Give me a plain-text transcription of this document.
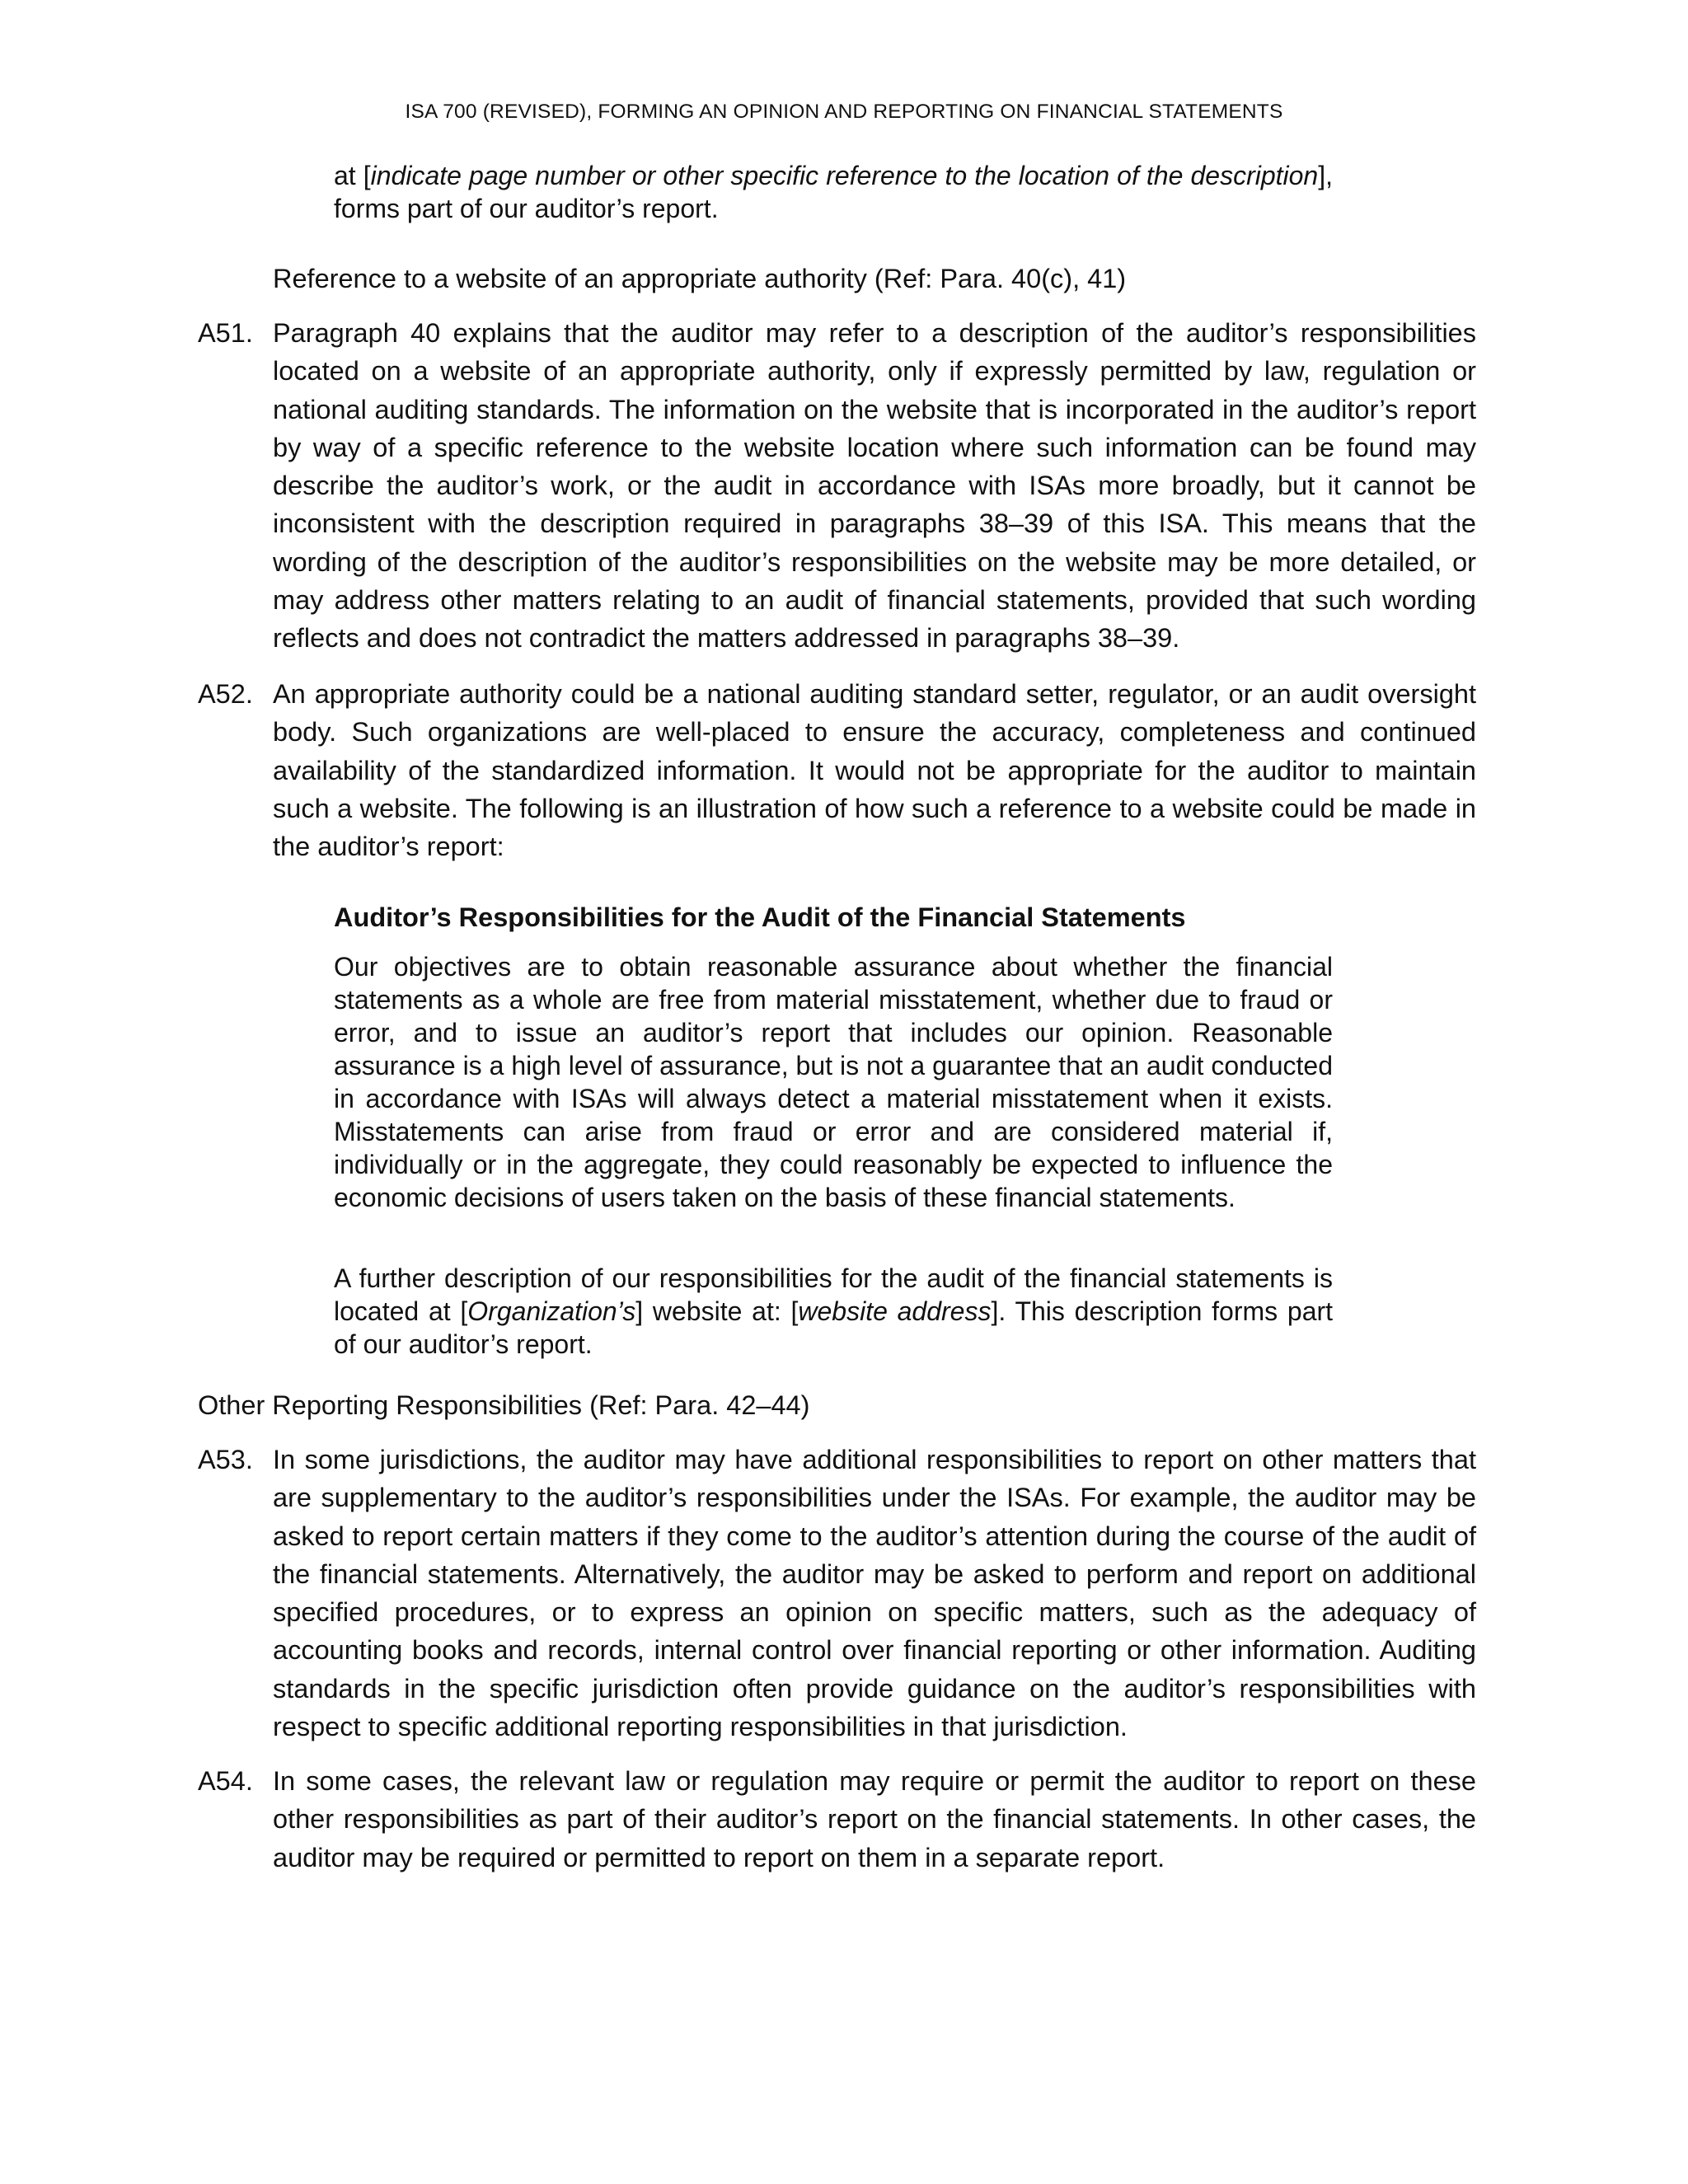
ISA 700 (REVISED), FORMING AN OPINION AND REPORTING ON FINANCIAL STATEMENTS
at [indicate page number or other specific reference to the location of the description], forms part of our auditor’s report.
Reference to a website of an appropriate authority (Ref: Para. 40(c), 41)
A51. Paragraph 40 explains that the auditor may refer to a description of the auditor’s responsibilities located on a website of an appropriate authority, only if expressly permitted by law, regulation or national auditing standards. The information on the website that is incorporated in the auditor’s report by way of a specific reference to the website location where such information can be found may describe the auditor’s work, or the audit in accordance with ISAs more broadly, but it cannot be inconsistent with the description required in paragraphs 38–39 of this ISA. This means that the wording of the description of the auditor’s responsibilities on the website may be more detailed, or may address other matters relating to an audit of financial statements, provided that such wording reflects and does not contradict the matters addressed in paragraphs 38–39.
A52. An appropriate authority could be a national auditing standard setter, regulator, or an audit oversight body. Such organizations are well-placed to ensure the accuracy, completeness and continued availability of the standardized information. It would not be appropriate for the auditor to maintain such a website. The following is an illustration of how such a reference to a website could be made in the auditor’s report:
Auditor’s Responsibilities for the Audit of the Financial Statements
Our objectives are to obtain reasonable assurance about whether the financial statements as a whole are free from material misstatement, whether due to fraud or error, and to issue an auditor’s report that includes our opinion. Reasonable assurance is a high level of assurance, but is not a guarantee that an audit conducted in accordance with ISAs will always detect a material misstatement when it exists. Misstatements can arise from fraud or error and are considered material if, individually or in the aggregate, they could reasonably be expected to influence the economic decisions of users taken on the basis of these financial statements.
A further description of our responsibilities for the audit of the financial statements is located at [Organization’s] website at: [website address]. This description forms part of our auditor’s report.
Other Reporting Responsibilities (Ref: Para. 42–44)
A53. In some jurisdictions, the auditor may have additional responsibilities to report on other matters that are supplementary to the auditor’s responsibilities under the ISAs. For example, the auditor may be asked to report certain matters if they come to the auditor’s attention during the course of the audit of the financial statements. Alternatively, the auditor may be asked to perform and report on additional specified procedures, or to express an opinion on specific matters, such as the adequacy of accounting books and records, internal control over financial reporting or other information. Auditing standards in the specific jurisdiction often provide guidance on the auditor’s responsibilities with respect to specific additional reporting responsibilities in that jurisdiction.
A54. In some cases, the relevant law or regulation may require or permit the auditor to report on these other responsibilities as part of their auditor’s report on the financial statements. In other cases, the auditor may be required or permitted to report on them in a separate report.
